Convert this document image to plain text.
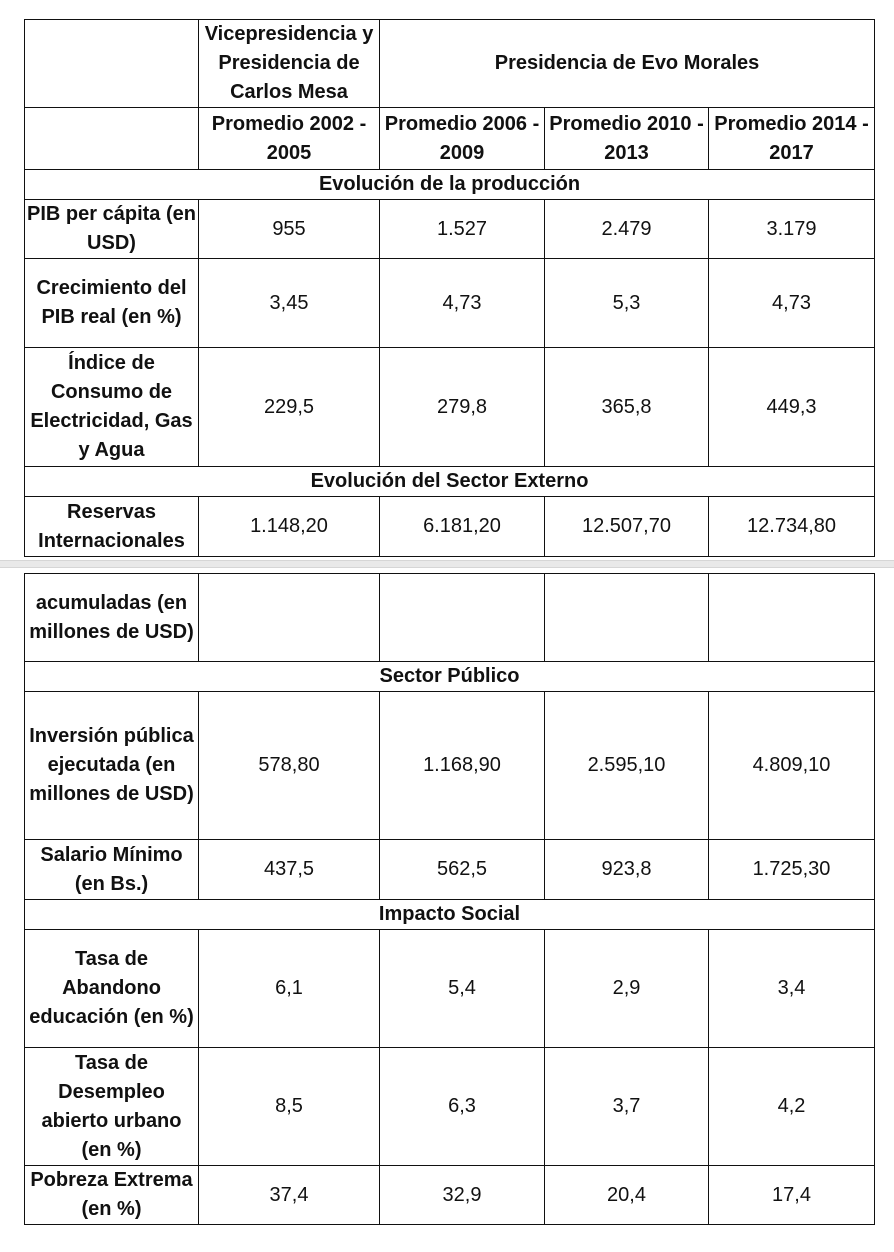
	Vicepresidencia y Presidencia de Carlos Mesa	Presidencia de Evo Morales		
	Promedio 2002 - 2005	Promedio 2006 - 2009	Promedio 2010 - 2013	Promedio 2014 - 2017
Evolución de la producción				
PIB per cápita (en USD)	955	1.527	2.479	3.179
Crecimiento del PIB real (en %)	3,45	4,73	5,3	4,73
Índice de Consumo de Electricidad, Gas y Agua	229,5	279,8	365,8	449,3
Evolución del Sector Externo				
Reservas Internacionales	1.148,20	6.181,20	12.507,70	12.734,80
acumuladas (en millones de USD)				
Sector Público				
Inversión pública ejecutada (en millones de USD)	578,80	1.168,90	2.595,10	4.809,10
Salario Mínimo (en Bs.)	437,5	562,5	923,8	1.725,30
Impacto Social				
Tasa de Abandono educación (en %)	6,1	5,4	2,9	3,4
Tasa de Desempleo abierto urbano (en %)	8,5	6,3	3,7	4,2
Pobreza Extrema (en %)	37,4	32,9	20,4	17,4
